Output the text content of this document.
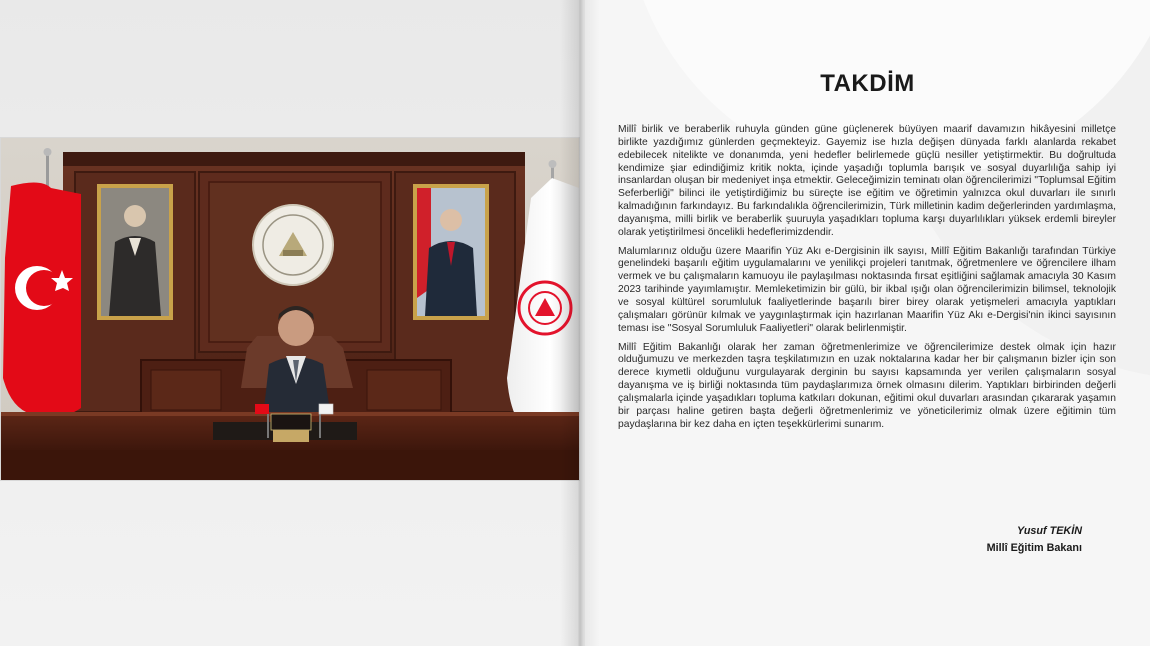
TAKDİM

Millî birlik ve beraberlik ruhuyla günden güne güçlenerek büyüyen maarif davamızın hikâyesini milletçe birlikte yazdığımız günlerden geçmekteyiz. Gayemiz ise hızla değişen dünyada farklı alanlarda rekabet edebilecek nitelikte ve donanımda, yeni hedefler belirlemede güçlü nesiller yetiştirmektir. Bu doğrultuda kendimize şiar edindiğimiz kritik nokta, içinde yaşadığı toplumla barışık ve sosyal duyarlılığa sahip iyi insanlardan oluşan bir medeniyet inşa etmektir. Geleceğimizin teminatı olan öğrencilerimizi "Toplumsal Eğitim Seferberliği" bilinci ile yetiştirdiğimiz bu süreçte ise eğitim ve öğretimin yalnızca okul duvarları ile sınırlı kalmadığının farkındayız. Bu farkındalıkla öğrencilerimizin, Türk milletinin kadim değerlerinden yardımlaşma, dayanışma, milli birlik ve beraberlik şuuruyla yaşadıkları topluma karşı duyarlılıkları yüksek erdemli bireyler olarak yetiştirilmesi öncelikli hedeflerimizdendir.

Malumlarınız olduğu üzere Maarifin Yüz Akı e-Dergisinin ilk sayısı, Millî Eğitim Bakanlığı tarafından Türkiye genelindeki başarılı eğitim uygulamalarını ve yenilikçi projeleri tanıtmak, öğretmenlere ve öğrencilere ilham vermek ve bu çalışmaların kamuoyu ile paylaşılması noktasında fırsat eşitliğini sağlamak amacıyla 30 Kasım 2023 tarihinde yayımlamıştır. Memleketimizin bir gülü, bir ikbal ışığı olan öğrencilerimizin bilimsel, teknolojik ve sosyal kültürel sorumluluk faaliyetlerinde başarılı birer birey olarak yetişmeleri amacıyla yaptıkları çalışmaları görünür kılmak ve yaygınlaştırmak için hazırlanan Maarifin Yüz Akı e-Dergisi'nin ikinci sayısının teması ise "Sosyal Sorumluluk Faaliyetleri" olarak belirlenmiştir.

Millî Eğitim Bakanlığı olarak her zaman öğretmenlerimize ve öğrencilerimize destek olmak için hazır olduğumuzu ve merkezden taşra teşkilatımızın en uzak noktalarına kadar her bir çalışmanın bizler için son derece kıymetli olduğunu vurgulayarak derginin bu sayısı kapsamında yer verilen çalışmaların sosyal dayanışma ve iş birliği noktasında tüm paydaşlarımıza örnek olmasını dilerim. Yaptıkları birbirinden değerli çalışmalarla içinde yaşadıkları topluma katkıları dokunan, eğitimi okul duvarları arasından çıkararak yaşamın bir parçası haline getiren başta değerli öğretmenlerimiz ve yöneticilerimiz olmak üzere eğitimin tüm paydaşlarına bir kez daha en içten teşekkürlerimi sunarım.

Yusuf TEKİN
Millî Eğitim Bakanı
